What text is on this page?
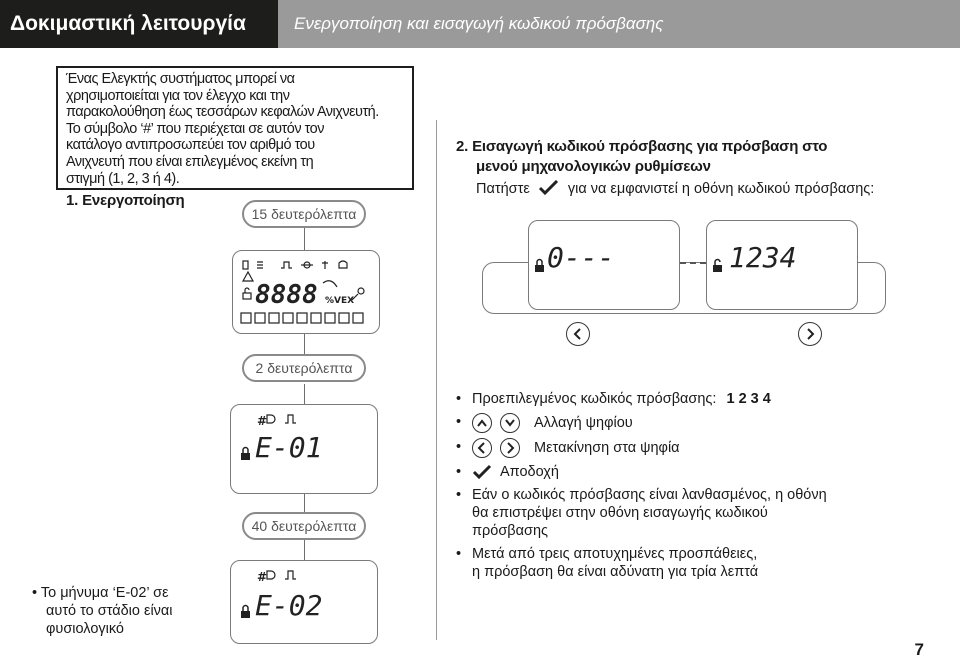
Δοκιμαστική λειτουργία	Ενεργοποίηση και εισαγωγή κωδικού πρόσβασης
Ένας Ελεγκτής συστήματος μπορεί να
χρησιμοποιείται για τον έλεγχο και την
παρακολούθηση έως τεσσάρων κεφαλών Ανιχνευτή.
Το σύμβολο ‘#’ που περιέχεται σε αυτόν τον
κατάλογο αντιπροσωπεύει τον αριθμό του
Ανιχνευτή που είναι επιλεγμένος εκείνη τη
στιγμή (1, 2, 3 ή 4).
1. Ενεργοποίηση
15 δευτερόλεπτα
2 δευτερόλεπτα
40 δευτερόλεπτα
8888 %VEX
#
E-01
#
E-02
• Το μήνυμα ‘E-02’ σε
αυτό το στάδιο είναι
φυσιολογικό
2. Εισαγωγή κωδικού πρόσβασης για πρόσβαση στο
μενού μηχανολογικών ρυθμίσεων
Πατήστε	για να εμφανιστεί η οθόνη κωδικού πρόσβασης:
0---	1234
• Προεπιλεγμένος κωδικός πρόσβασης: 1 2 3 4
• Αλλαγή ψηφίου
• Μετακίνηση στα ψηφία
• Αποδοχή
• Εάν ο κωδικός πρόσβασης είναι λανθασμένος, η οθόνη
θα επιστρέψει στην οθόνη εισαγωγής κωδικού
πρόσβασης
• Μετά από τρεις αποτυχημένες προσπάθειες,
η πρόσβαση θα είναι αδύνατη για τρία λεπτά
7
